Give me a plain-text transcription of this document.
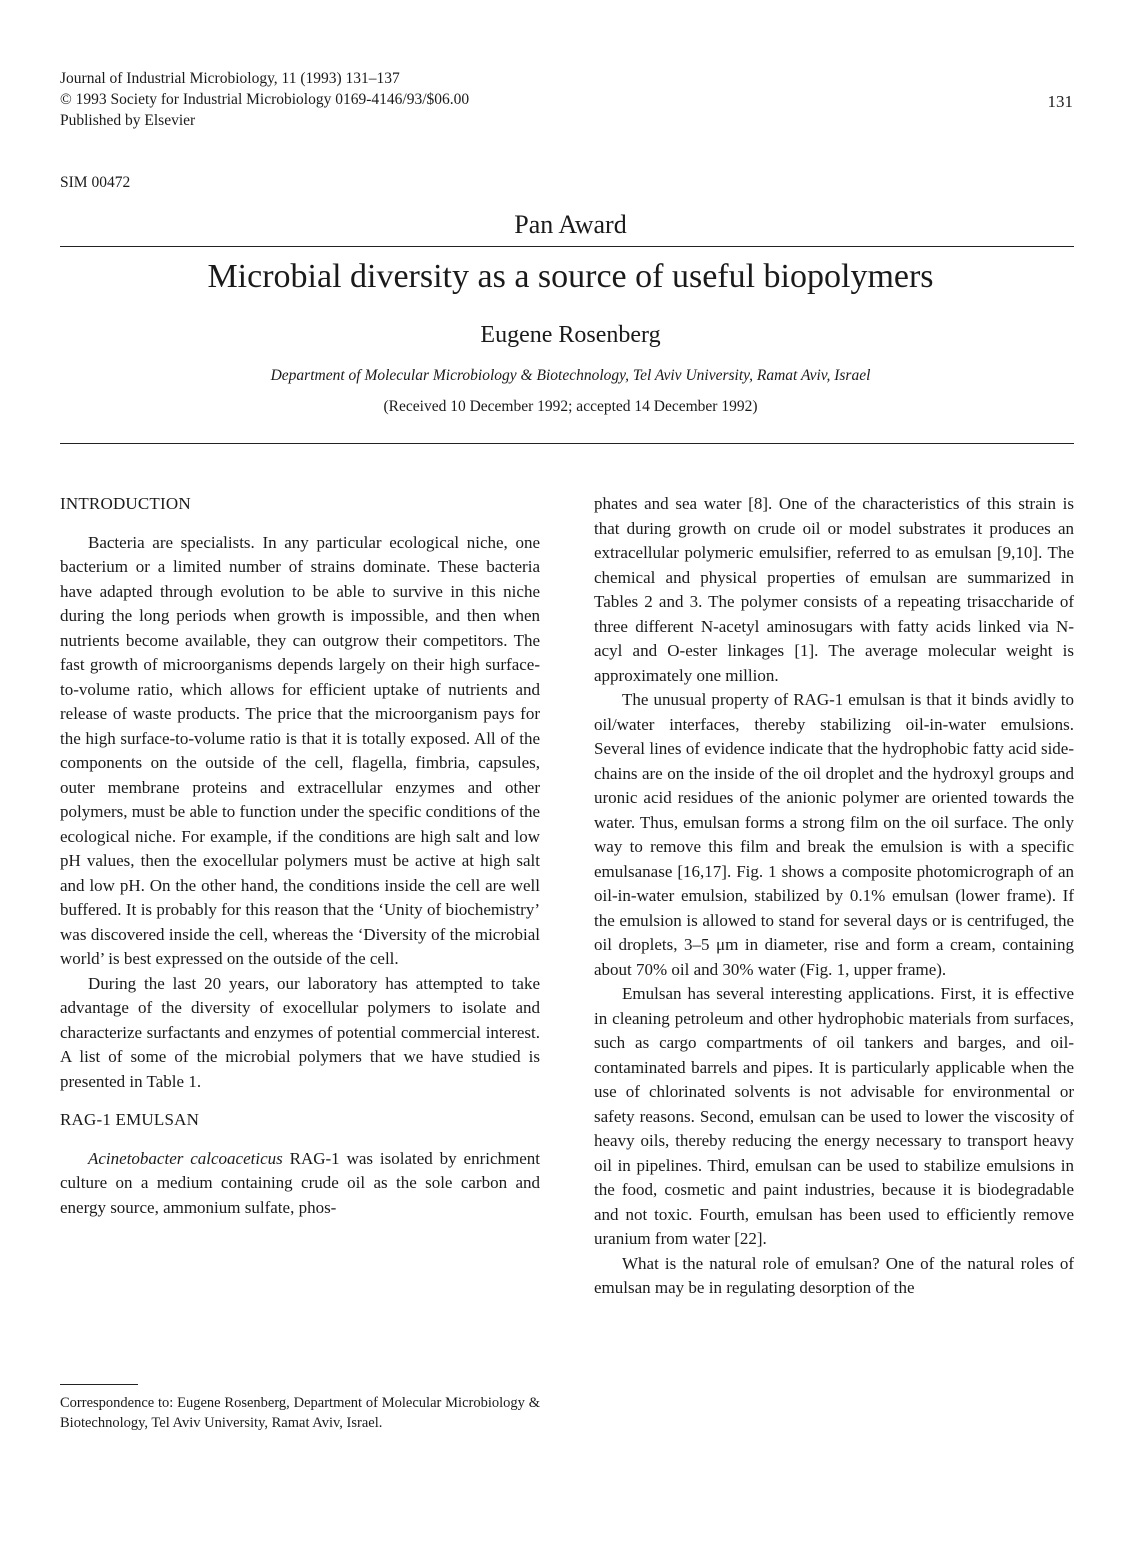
Journal of Industrial Microbiology, 11 (1993) 131–137
© 1993 Society for Industrial Microbiology 0169-4146/93/$06.00
Published by Elsevier
131
SIM 00472
Pan Award
Microbial diversity as a source of useful biopolymers
Eugene Rosenberg
Department of Molecular Microbiology & Biotechnology, Tel Aviv University, Ramat Aviv, Israel
(Received 10 December 1992; accepted 14 December 1992)
INTRODUCTION

Bacteria are specialists. In any particular ecological niche, one bacterium or a limited number of strains dominate. These bacteria have adapted through evolution to be able to survive in this niche during the long periods when growth is impossible, and then when nutrients become available, they can outgrow their competitors. The fast growth of microorganisms depends largely on their high surface-to-volume ratio, which allows for efficient uptake of nutrients and release of waste products. The price that the microorganism pays for the high surface-to-volume ratio is that it is totally exposed. All of the components on the outside of the cell, flagella, fimbria, capsules, outer membrane proteins and extracellular enzymes and other polymers, must be able to function under the specific conditions of the ecological niche. For example, if the conditions are high salt and low pH values, then the exocellular polymers must be active at high salt and low pH. On the other hand, the conditions inside the cell are well buffered. It is probably for this reason that the ‘Unity of biochemistry’ was discovered inside the cell, whereas the ‘Diversity of the microbial world’ is best expressed on the outside of the cell.

During the last 20 years, our laboratory has attempted to take advantage of the diversity of exocellular polymers to isolate and characterize surfactants and enzymes of potential commercial interest. A list of some of the microbial polymers that we have studied is presented in Table 1.

RAG-1 EMULSAN

Acinetobacter calcoaceticus RAG-1 was isolated by enrichment culture on a medium containing crude oil as the sole carbon and energy source, ammonium sulfate, phos-

phates and sea water [8]. One of the characteristics of this strain is that during growth on crude oil or model substrates it produces an extracellular polymeric emulsifier, referred to as emulsan [9,10]. The chemical and physical properties of emulsan are summarized in Tables 2 and 3. The polymer consists of a repeating trisaccharide of three different N-acetyl aminosugars with fatty acids linked via N-acyl and O-ester linkages [1]. The average molecular weight is approximately one million.

The unusual property of RAG-1 emulsan is that it binds avidly to oil/water interfaces, thereby stabilizing oil-in-water emulsions. Several lines of evidence indicate that the hydrophobic fatty acid side-chains are on the inside of the oil droplet and the hydroxyl groups and uronic acid residues of the anionic polymer are oriented towards the water. Thus, emulsan forms a strong film on the oil surface. The only way to remove this film and break the emulsion is with a specific emulsanase [16,17]. Fig. 1 shows a composite photomicrograph of an oil-in-water emulsion, stabilized by 0.1% emulsan (lower frame). If the emulsion is allowed to stand for several days or is centrifuged, the oil droplets, 3–5 μm in diameter, rise and form a cream, containing about 70% oil and 30% water (Fig. 1, upper frame).

Emulsan has several interesting applications. First, it is effective in cleaning petroleum and other hydrophobic materials from surfaces, such as cargo compartments of oil tankers and barges, and oil-contaminated barrels and pipes. It is particularly applicable when the use of chlorinated solvents is not advisable for environmental or safety reasons. Second, emulsan can be used to lower the viscosity of heavy oils, thereby reducing the energy necessary to transport heavy oil in pipelines. Third, emulsan can be used to stabilize emulsions in the food, cosmetic and paint industries, because it is biodegradable and not toxic. Fourth, emulsan has been used to efficiently remove uranium from water [22].

What is the natural role of emulsan? One of the natural roles of emulsan may be in regulating desorption of the

Correspondence to: Eugene Rosenberg, Department of Molecular Microbiology & Biotechnology, Tel Aviv University, Ramat Aviv, Israel.
